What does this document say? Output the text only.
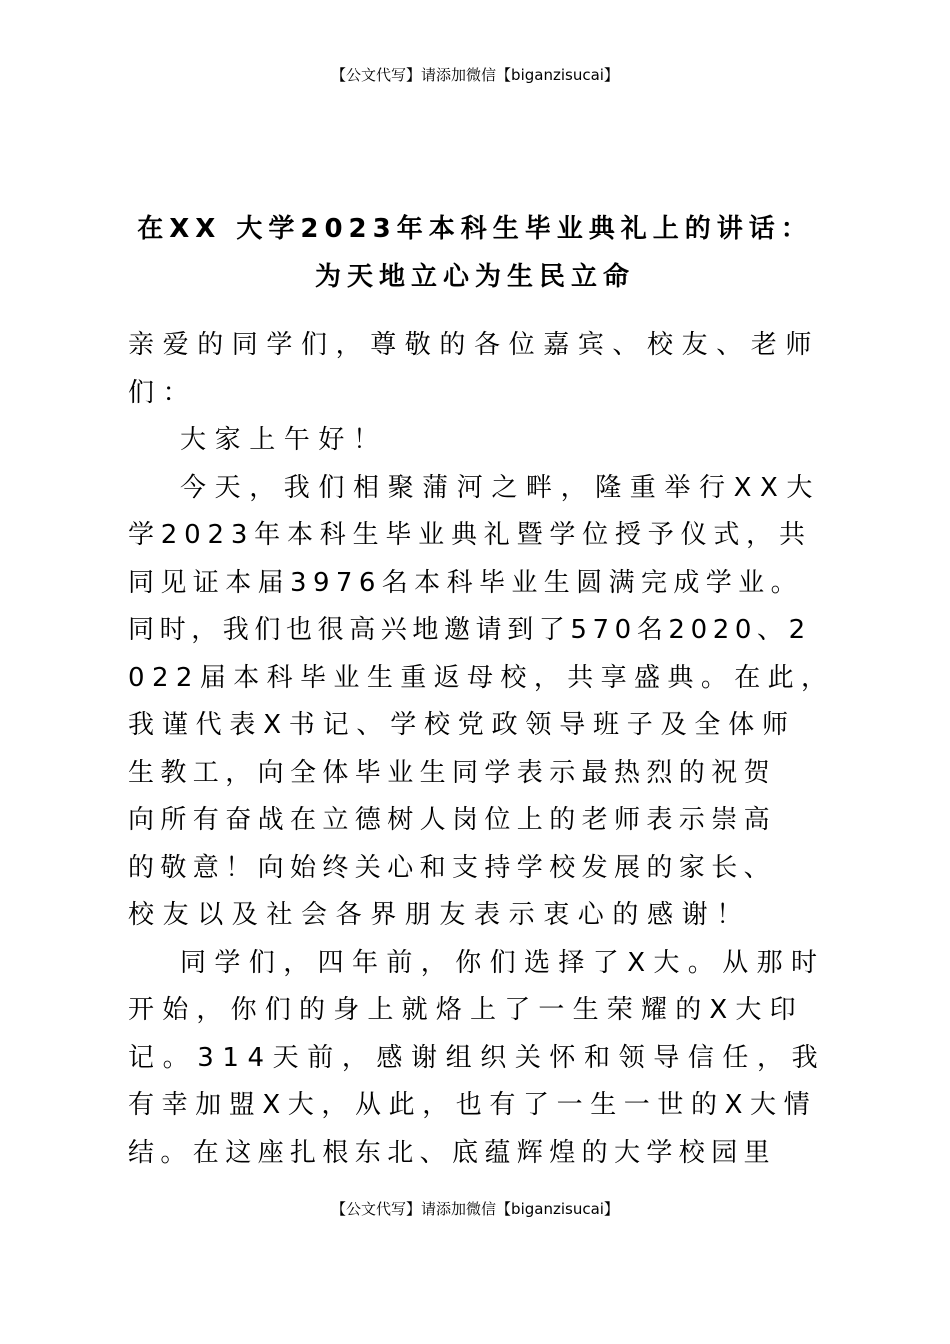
【公文代写】请添加微信【biganzisucai】
在XX 大学2023年本科生毕业典礼上的讲话：
为天地立心为生民立命
亲爱的同学们，尊敬的各位嘉宾、校友、老师
们：
大家上午好！
今天，我们相聚蒲河之畔，隆重举行XX大
学2023年本科生毕业典礼暨学位授予仪式，共
同见证本届3976名本科毕业生圆满完成学业。
同时，我们也很高兴地邀请到了570名2020、2
022届本科毕业生重返母校，共享盛典。在此，
我谨代表X书记、学校党政领导班子及全体师
生教工，向全体毕业生同学表示最热烈的祝贺
向所有奋战在立德树人岗位上的老师表示崇高
的敬意！向始终关心和支持学校发展的家长、
校友以及社会各界朋友表示衷心的感谢！
同学们，四年前，你们选择了X大。从那时
开始，你们的身上就烙上了一生荣耀的X大印
记。314天前，感谢组织关怀和领导信任，我
有幸加盟X大，从此，也有了一生一世的X大情
结。在这座扎根东北、底蕴辉煌的大学校园里
【公文代写】请添加微信【biganzisucai】
